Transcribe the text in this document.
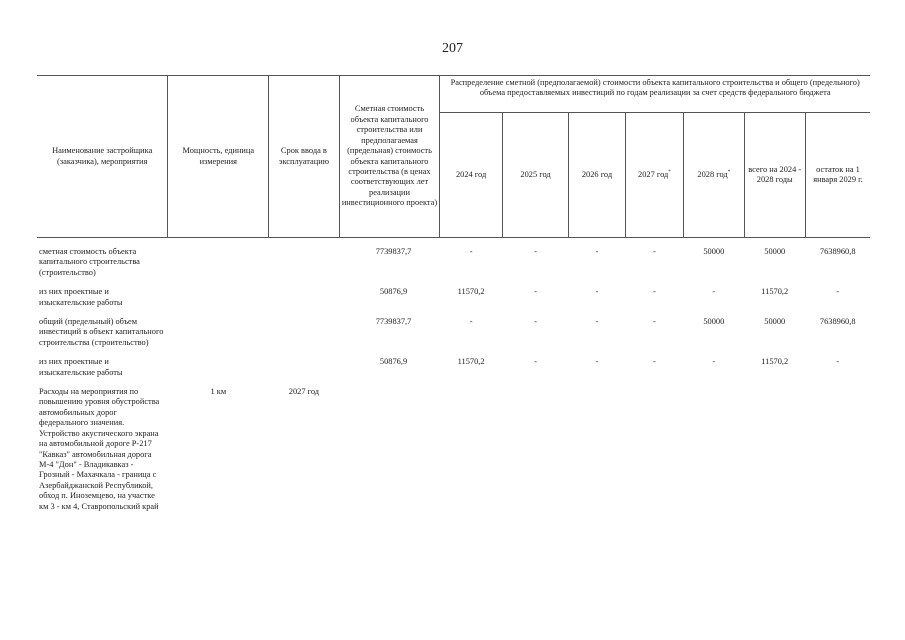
207
Наименование застройщика (заказчика), мероприятия	Мощность, единица измерения	Срок ввода в эксплуатацию	Сметная стоимость объекта капитального строительства или предполагаемая (предельная) стоимость объекта капитального строительства (в ценах соответствующих лет реализации инвестиционного проекта)	Распределение сметной (предполагаемой) стоимости объекта капитального строительства и общего (предельного) объема предоставляемых инвестиций по годам реализации за счет средств федерального бюджета						
				2024 год	2025 год	2026 год	2027 год*	2028 год*	всего на 2024 - 2028 годы	остаток на 1 января 2029 г.

сметная стоимость объекта капитального строительства (строительство)			7739837,7	-	-	-	-	50000	50000	7638960,8

из них проектные и изыскательские работы			50876,9	11570,2	-	-	-	-	11570,2	-

общий (предельный) объем инвестиций в объект капитального строительства (строительство)			7739837,7	-	-	-	-	50000	50000	7638960,8

из них проектные и изыскательские работы			50876,9	11570,2	-	-	-	-	11570,2	-

Расходы на мероприятия по повышению уровня обустройства автомобильных дорог федерального значения. Устройство акустического экрана на автомобильной дороге Р-217 "Кавказ" автомобильная дорога М-4 "Дон" - Владикавказ - Грозный - Махачкала - граница с Азербайджанской Республикой, обход п. Иноземцево, на участке км 3 - км 4, Ставропольский край	1 км	2027 год								
